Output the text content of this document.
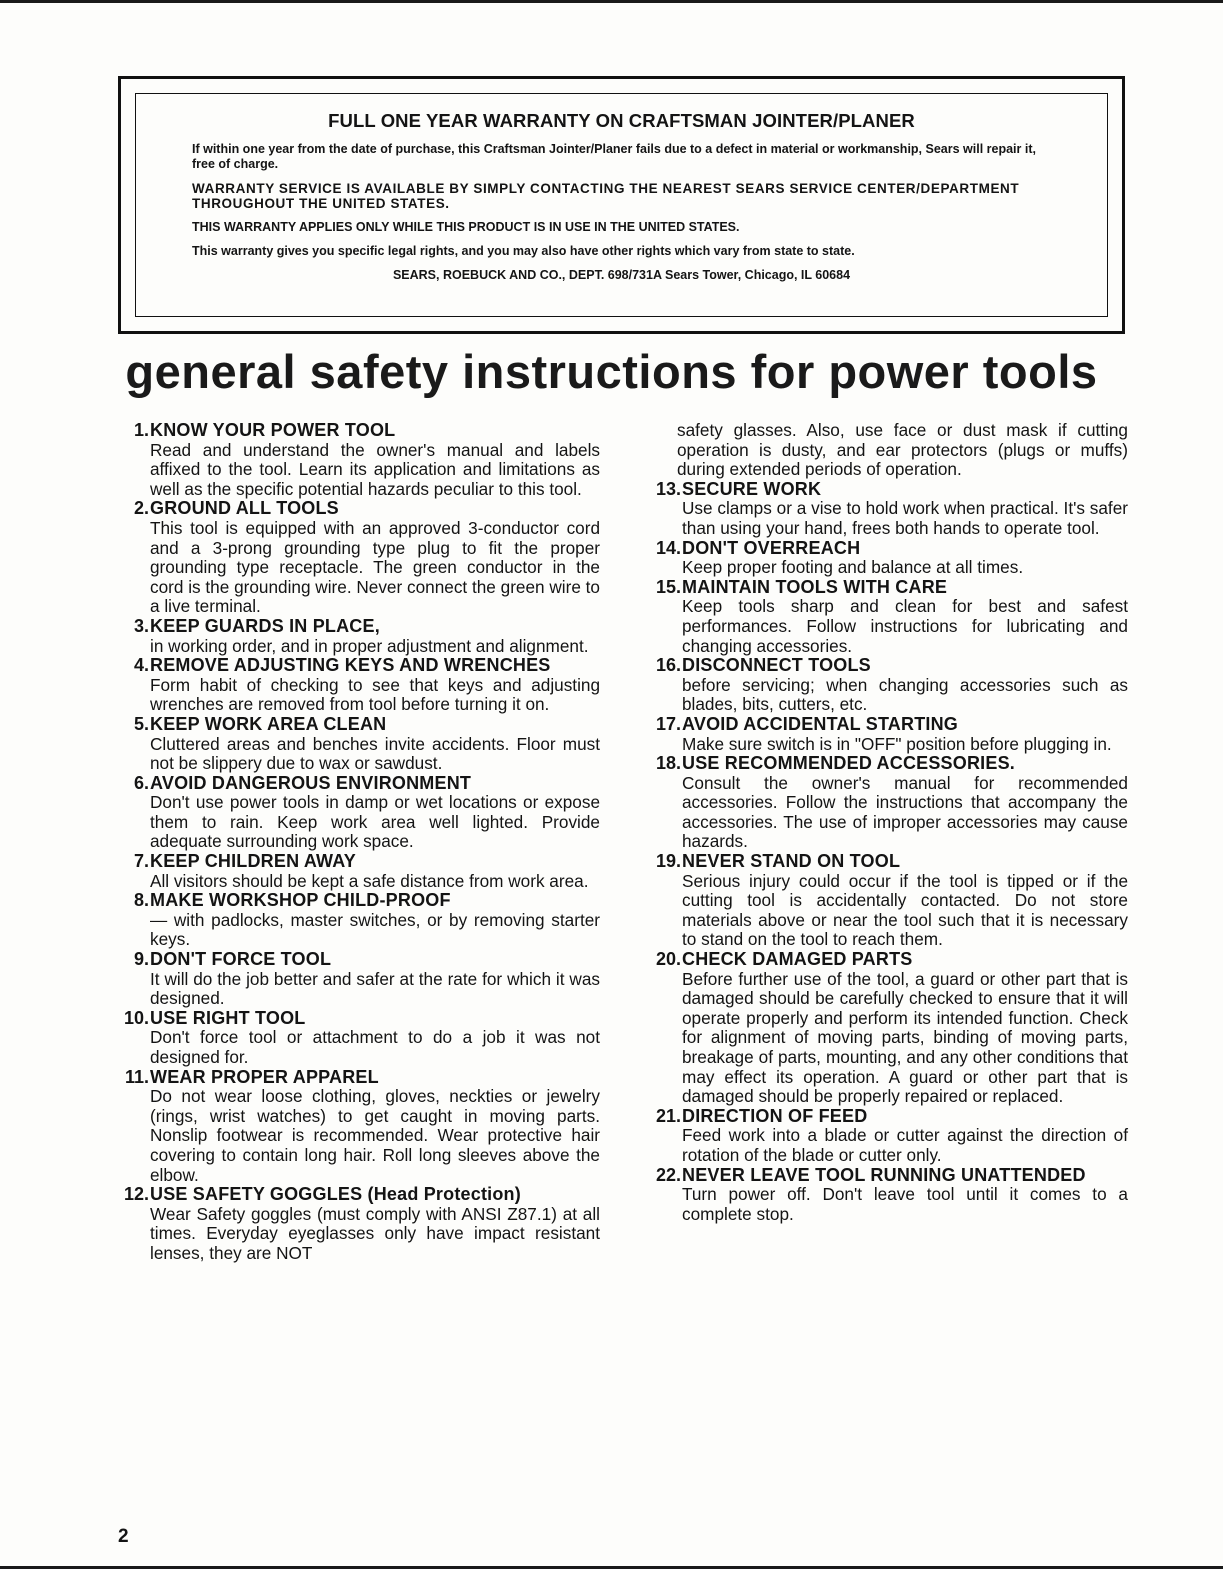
FULL ONE YEAR WARRANTY ON CRAFTSMAN JOINTER/PLANER

If within one year from the date of purchase, this Craftsman Jointer/Planer fails due to a defect in material or workmanship, Sears will repair it, free of charge.

WARRANTY SERVICE IS AVAILABLE BY SIMPLY CONTACTING THE NEAREST SEARS SERVICE CENTER/DEPARTMENT THROUGHOUT THE UNITED STATES.

THIS WARRANTY APPLIES ONLY WHILE THIS PRODUCT IS IN USE IN THE UNITED STATES.

This warranty gives you specific legal rights, and you may also have other rights which vary from state to state.

SEARS, ROEBUCK AND CO., DEPT. 698/731A Sears Tower, Chicago, IL 60684

general safety instructions for power tools
1. KNOW YOUR POWER TOOL
Read and understand the owner's manual and labels affixed to the tool. Learn its application and limitations as well as the specific potential hazards peculiar to this tool.
2. GROUND ALL TOOLS
This tool is equipped with an approved 3-conductor cord and a 3-prong grounding type plug to fit the proper grounding type receptacle. The green conductor in the cord is the grounding wire. Never connect the green wire to a live terminal.
3. KEEP GUARDS IN PLACE,
in working order, and in proper adjustment and alignment.
4. REMOVE ADJUSTING KEYS AND WRENCHES
Form habit of checking to see that keys and adjusting wrenches are removed from tool before turning it on.
5. KEEP WORK AREA CLEAN
Cluttered areas and benches invite accidents. Floor must not be slippery due to wax or sawdust.
6. AVOID DANGEROUS ENVIRONMENT
Don't use power tools in damp or wet locations or expose them to rain. Keep work area well lighted. Provide adequate surrounding work space.
7. KEEP CHILDREN AWAY
All visitors should be kept a safe distance from work area.
8. MAKE WORKSHOP CHILD-PROOF
— with padlocks, master switches, or by removing starter keys.
9. DON'T FORCE TOOL
It will do the job better and safer at the rate for which it was designed.
10. USE RIGHT TOOL
Don't force tool or attachment to do a job it was not designed for.
11. WEAR PROPER APPAREL
Do not wear loose clothing, gloves, neckties or jewelry (rings, wrist watches) to get caught in moving parts. Nonslip footwear is recommended. Wear protective hair covering to contain long hair. Roll long sleeves above the elbow.
12. USE SAFETY GOGGLES (Head Protection)
Wear Safety goggles (must comply with ANSI Z87.1) at all times. Everyday eyeglasses only have impact resistant lenses, they are NOT
safety glasses. Also, use face or dust mask if cutting operation is dusty, and ear protectors (plugs or muffs) during extended periods of operation.
13. SECURE WORK
Use clamps or a vise to hold work when practical. It's safer than using your hand, frees both hands to operate tool.
14. DON'T OVERREACH
Keep proper footing and balance at all times.
15. MAINTAIN TOOLS WITH CARE
Keep tools sharp and clean for best and safest performances. Follow instructions for lubricating and changing accessories.
16. DISCONNECT TOOLS
before servicing; when changing accessories such as blades, bits, cutters, etc.
17. AVOID ACCIDENTAL STARTING
Make sure switch is in "OFF" position before plugging in.
18. USE RECOMMENDED ACCESSORIES.
Consult the owner's manual for recommended accessories. Follow the instructions that accompany the accessories. The use of improper accessories may cause hazards.
19. NEVER STAND ON TOOL
Serious injury could occur if the tool is tipped or if the cutting tool is accidentally contacted. Do not store materials above or near the tool such that it is necessary to stand on the tool to reach them.
20. CHECK DAMAGED PARTS
Before further use of the tool, a guard or other part that is damaged should be carefully checked to ensure that it will operate properly and perform its intended function. Check for alignment of moving parts, binding of moving parts, breakage of parts, mounting, and any other conditions that may effect its operation. A guard or other part that is damaged should be properly repaired or replaced.
21. DIRECTION OF FEED
Feed work into a blade or cutter against the direction of rotation of the blade or cutter only.
22. NEVER LEAVE TOOL RUNNING UNATTENDED
Turn power off. Don't leave tool until it comes to a complete stop.
2
